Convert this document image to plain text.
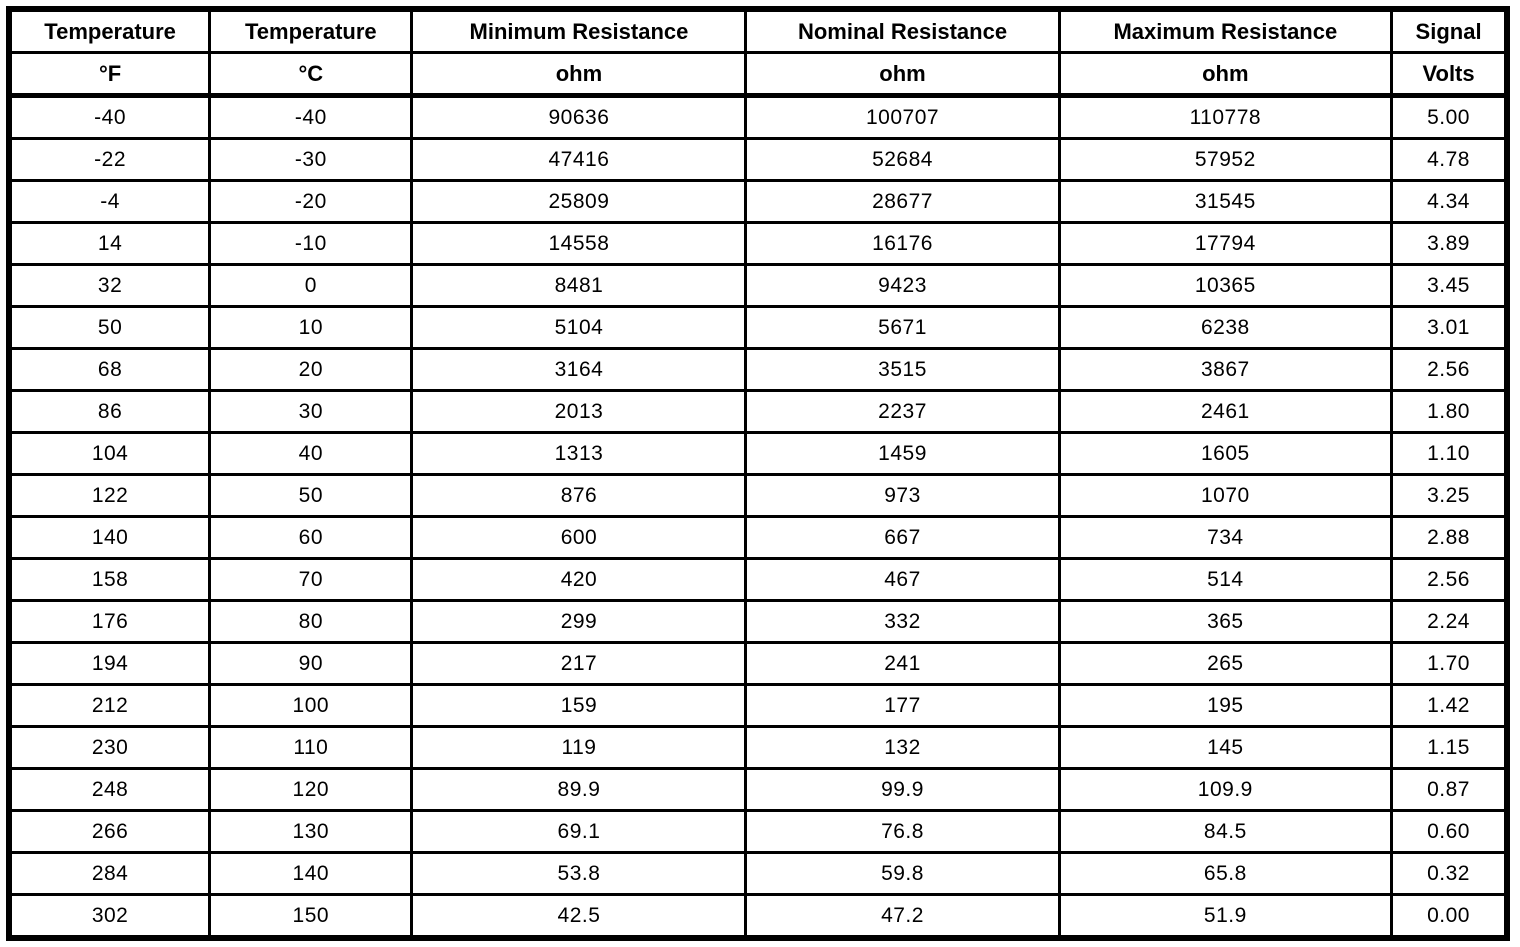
Temperature	Temperature	Minimum Resistance	Nominal Resistance	Maximum Resistance	Signal
°F	°C	ohm	ohm	ohm	Volts
-40	-40	90636	100707	110778	5.00
-22	-30	47416	52684	57952	4.78
-4	-20	25809	28677	31545	4.34
14	-10	14558	16176	17794	3.89
32	0	8481	9423	10365	3.45
50	10	5104	5671	6238	3.01
68	20	3164	3515	3867	2.56
86	30	2013	2237	2461	1.80
104	40	1313	1459	1605	1.10
122	50	876	973	1070	3.25
140	60	600	667	734	2.88
158	70	420	467	514	2.56
176	80	299	332	365	2.24
194	90	217	241	265	1.70
212	100	159	177	195	1.42
230	110	119	132	145	1.15
248	120	89.9	99.9	109.9	0.87
266	130	69.1	76.8	84.5	0.60
284	140	53.8	59.8	65.8	0.32
302	150	42.5	47.2	51.9	0.00
